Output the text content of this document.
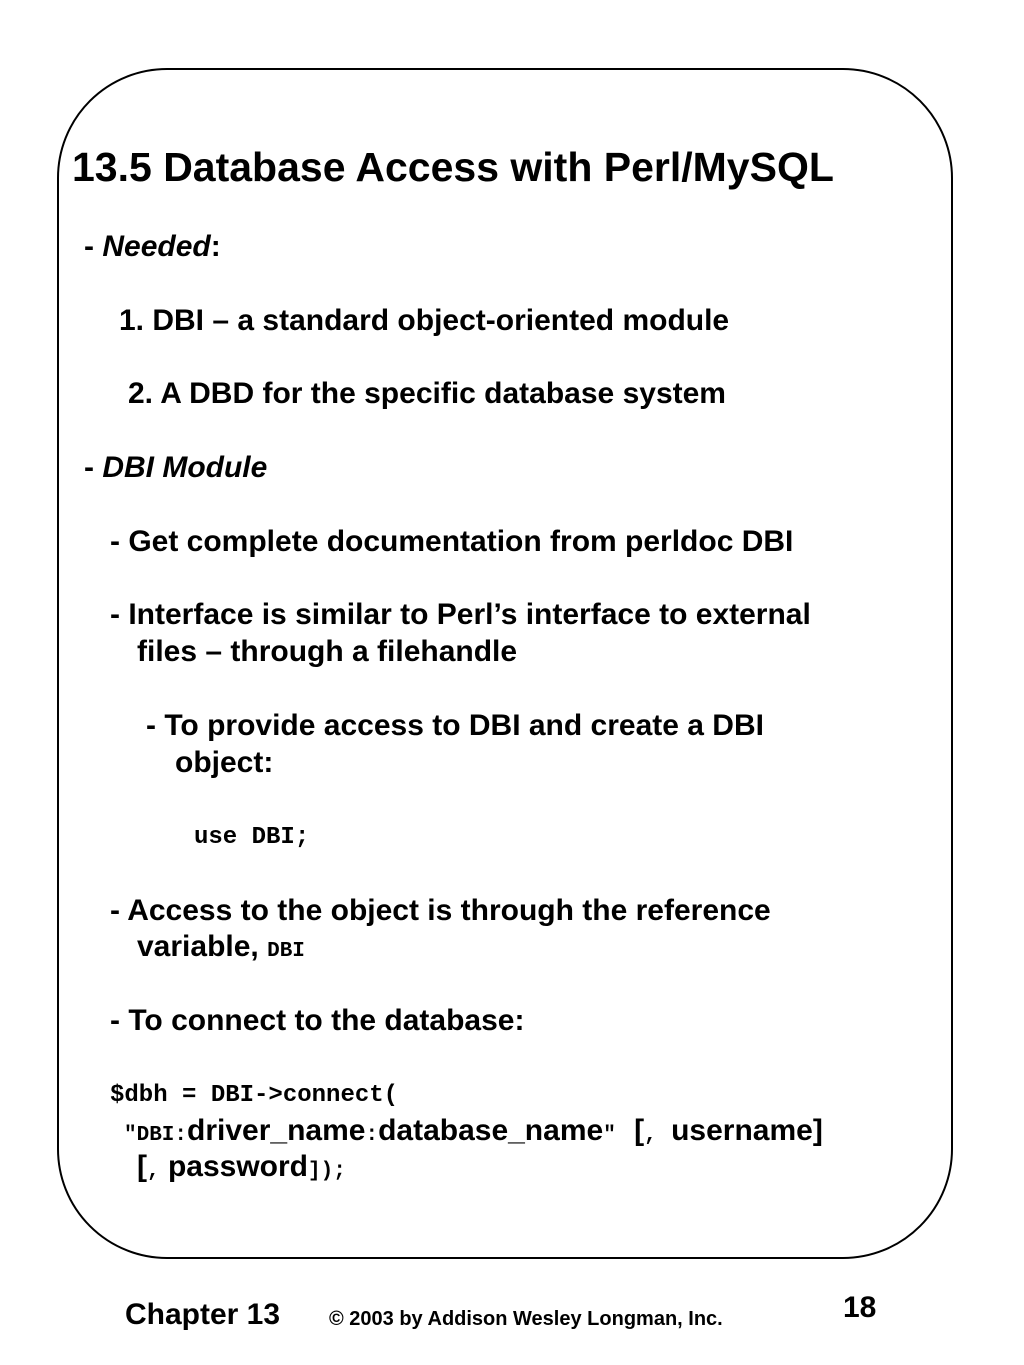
13.5 Database Access with Perl/MySQL
- Needed:
1. DBI – a standard object-oriented module
2. A DBD for the specific database system
- DBI Module
- Get complete documentation from perldoc DBI
- Interface is similar to Perl’s interface to external
files – through a filehandle
- To provide access to DBI and create a DBI
object:
use DBI;
- Access to the object is through the reference
variable, DBI
- To connect to the database:
$dbh = DBI->connect(
"DBI:driver_name:database_name" [, username]
[, password]);
Chapter 13 © 2003 by Addison Wesley Longman, Inc.	18
